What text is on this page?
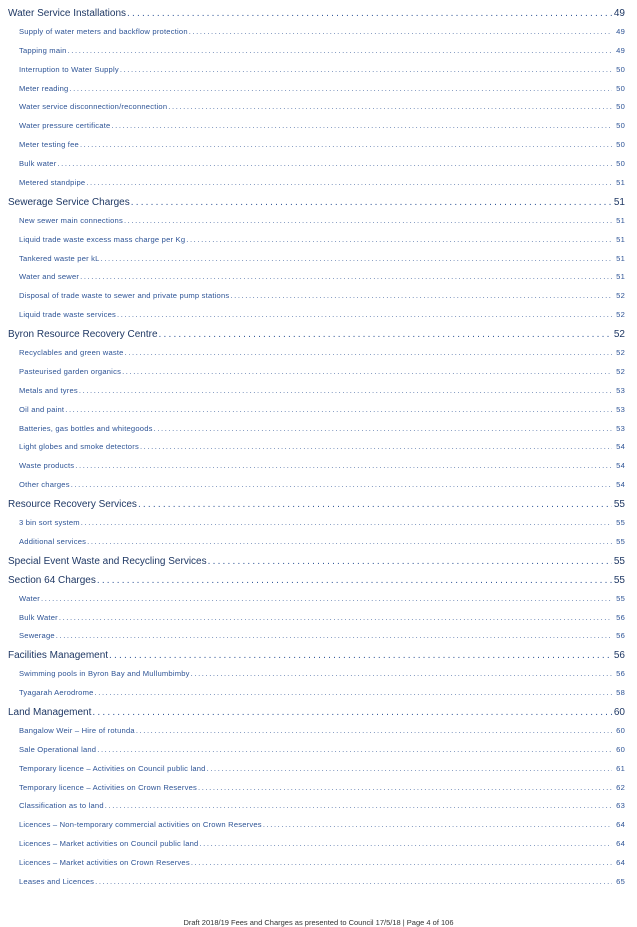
Water Service Installations .....	49
Supply of water meters and backflow protection .....	49
Tapping main .....	49
Interruption to Water Supply .....	50
Meter reading .....	50
Water service disconnection/reconnection .....	50
Water pressure certificate .....	50
Meter testing fee .....	50
Bulk water .....	50
Metered standpipe .....	51
Sewerage Service Charges .....	51
New sewer main connections .....	51
Liquid trade waste excess mass charge per Kg .....	51
Tankered waste per kL .....	51
Water and sewer .....	51
Disposal of trade waste to sewer and private pump stations .....	52
Liquid trade waste services .....	52
Byron Resource Recovery Centre .....	52
Recyclables and green waste .....	52
Pasteurised garden organics .....	52
Metals and tyres .....	53
Oil and paint .....	53
Batteries, gas bottles and whitegoods .....	53
Light globes and smoke detectors .....	54
Waste products .....	54
Other charges .....	54
Resource Recovery Services .....	55
3 bin sort system .....	55
Additional services .....	55
Special Event Waste and Recycling Services .....	55
Section 64 Charges .....	55
Water .....	55
Bulk Water .....	56
Sewerage .....	56
Facilities Management .....	56
Swimming pools in Byron Bay and Mullumbimby .....	56
Tyagarah Aerodrome .....	58
Land Management .....	60
Bangalow Weir – Hire of rotunda .....	60
Sale Operational land .....	60
Temporary licence – Activities on Council public land .....	61
Temporary licence – Activities on Crown Reserves .....	62
Classification as to land .....	63
Licences – Non-temporary commercial activities on Crown Reserves .....	64
Licences – Market activities on Council public land .....	64
Licences – Market activities on Crown Reserves .....	64
Leases and Licences .....	65
Draft 2018/19 Fees and Charges as presented to Council 17/5/18 | Page 4 of 106
